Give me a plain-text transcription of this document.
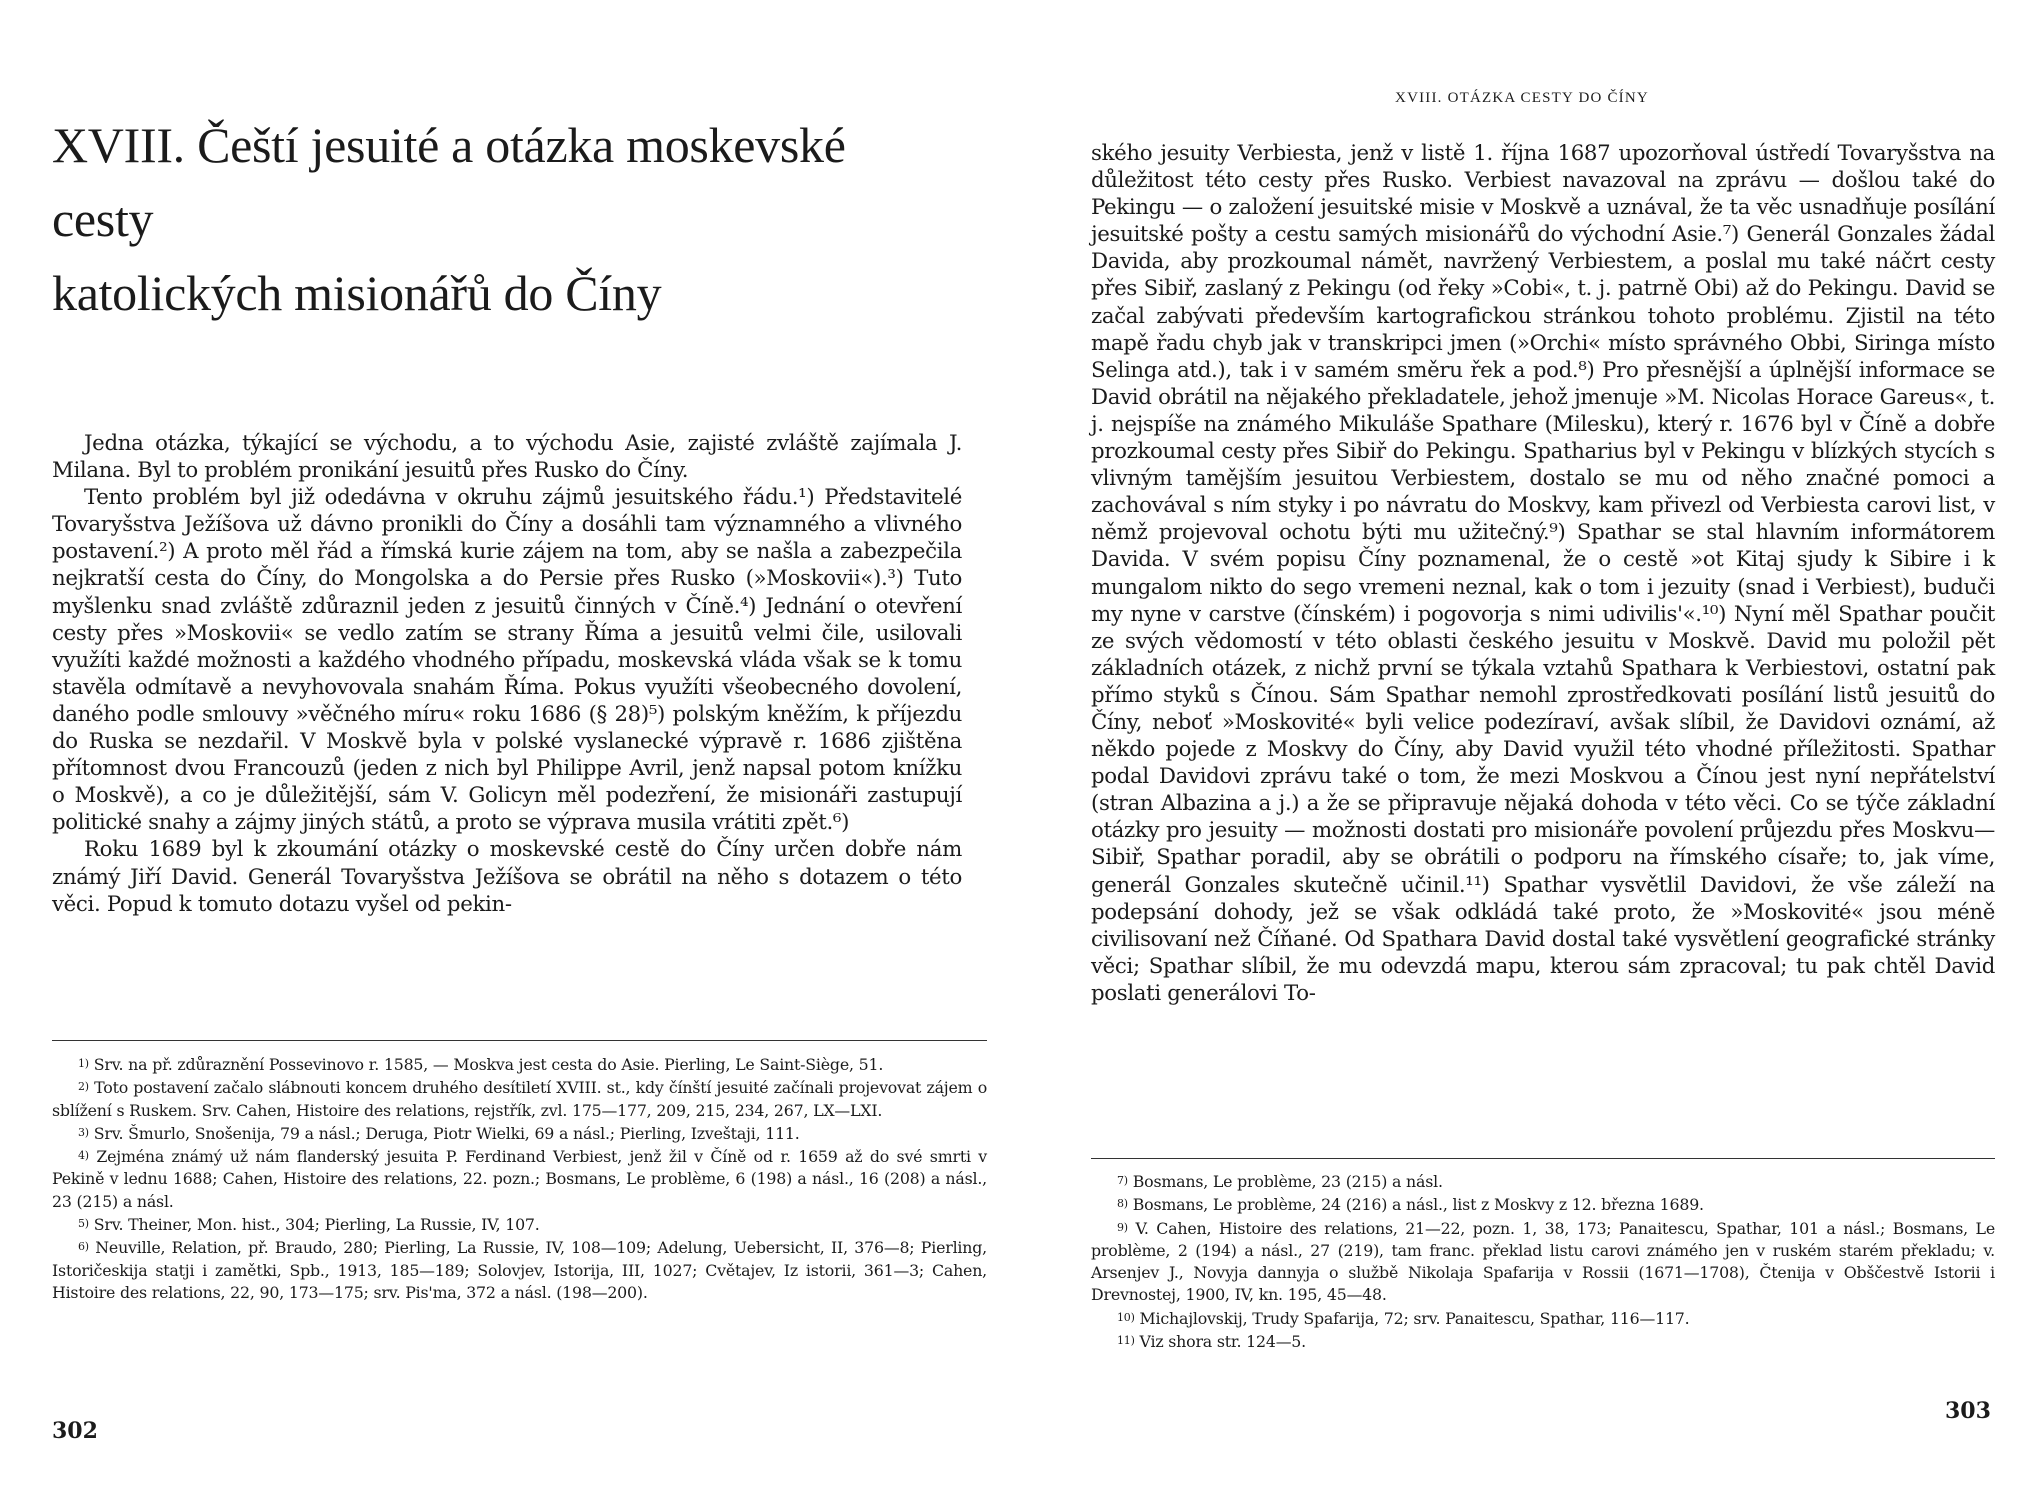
XVIII. Čeští jesuité a otázka moskevské cesty
katolických misionářů do Číny

Jedna otázka, týkající se východu, a to východu Asie, zajisté zvláště zajímala J. Milana. Byl to problém pronikání jesuitů přes Rusko do Číny.

Tento problém byl již odedávna v okruhu zájmů jesuitského řádu.¹) Představitelé Tovaryšstva Ježíšova už dávno pronikli do Číny a dosáhli tam významného a vlivného postavení.²) A proto měl řád a římská kurie zájem na tom, aby se našla a zabezpečila nejkratší cesta do Číny, do Mongolska a do Persie přes Rusko (»Moskovii«).³) Tuto myšlenku snad zvláště zdůraznil jeden z jesuitů činných v Číně.⁴) Jednání o otevření cesty přes »Moskovii« se vedlo zatím se strany Říma a jesuitů velmi čile, usilovali využíti každé možnosti a každého vhodného případu, moskevská vláda však se k tomu stavěla odmítavě a nevyhovovala snahám Říma. Pokus využíti všeobecného dovolení, daného podle smlouvy »věčného míru« roku 1686 (§ 28)⁵) polským kněžím, k příjezdu do Ruska se nezdařil. V Moskvě byla v polské vyslanecké výpravě r. 1686 zjištěna přítomnost dvou Francouzů (jeden z nich byl Philippe Avril, jenž napsal potom knížku o Moskvě), a co je důležitější, sám V. Golicyn měl podezření, že misionáři zastupují politické snahy a zájmy jiných států, a proto se výprava musila vrátiti zpět.⁶)

Roku 1689 byl k zkoumání otázky o moskevské cestě do Číny určen dobře nám známý Jiří David. Generál Tovaryšstva Ježíšova se obrátil na něho s dotazem o této věci. Popud k tomuto dotazu vyšel od pekin-

1) Srv. na př. zdůraznění Possevinovo r. 1585, — Moskva jest cesta do Asie. Pierling, Le Saint-Siège, 51.

2) Toto postavení začalo slábnouti koncem druhého desítiletí XVIII. st., kdy čínští jesuité začínali projevovat zájem o sblížení s Ruskem. Srv. Cahen, Histoire des relations, rejstřík, zvl. 175—177, 209, 215, 234, 267, LX—LXI.

3) Srv. Šmurlo, Snošenija, 79 a násl.; Deruga, Piotr Wielki, 69 a násl.; Pierling, Izveštaji, 111.

4) Zejména známý už nám flanderský jesuita P. Ferdinand Verbiest, jenž žil v Číně od r. 1659 až do své smrti v Pekině v lednu 1688; Cahen, Histoire des relations, 22. pozn.; Bosmans, Le problème, 6 (198) a násl., 16 (208) a násl., 23 (215) a násl.

5) Srv. Theiner, Mon. hist., 304; Pierling, La Russie, IV, 107.

6) Neuville, Relation, př. Braudo, 280; Pierling, La Russie, IV, 108—109; Adelung, Uebersicht, II, 376—8; Pierling, Istoričeskija statji i zamětki, Spb., 1913, 185—189; Solovjev, Istorija, III, 1027; Cvětajev, Iz istorii, 361—3; Cahen, Histoire des relations, 22, 90, 173—175; srv. Pis'ma, 372 a násl. (198—200).

302
XVIII. OTÁZKA CESTY DO ČÍNY

ského jesuity Verbiesta, jenž v listě 1. října 1687 upozorňoval ústředí Tovaryšstva na důležitost této cesty přes Rusko. Verbiest navazoval na zprávu — došlou také do Pekingu — o založení jesuitské misie v Moskvě a uznával, že ta věc usnadňuje posílání jesuitské pošty a cestu samých misionářů do východní Asie.⁷) Generál Gonzales žádal Davida, aby prozkoumal námět, navržený Verbiestem, a poslal mu také náčrt cesty přes Sibiř, zaslaný z Pekingu (od řeky »Cobi«, t. j. patrně Obi) až do Pekingu. David se začal zabývati především kartografickou stránkou tohoto problému. Zjistil na této mapě řadu chyb jak v transkripci jmen (»Orchi« místo správného Obbi, Siringa místo Selinga atd.), tak i v samém směru řek a pod.⁸) Pro přesnější a úplnější informace se David obrátil na nějakého překladatele, jehož jmenuje »M. Nicolas Horace Gareus«, t. j. nejspíše na známého Mikuláše Spathare (Milesku), který r. 1676 byl v Číně a dobře prozkoumal cesty přes Sibiř do Pekingu. Spatharius byl v Pekingu v blízkých stycích s vlivným tamějším jesuitou Verbiestem, dostalo se mu od něho značné pomoci a zachovával s ním styky i po návratu do Moskvy, kam přivezl od Verbiesta carovi list, v němž projevoval ochotu býti mu užitečný.⁹) Spathar se stal hlavním informátorem Davida. V svém popisu Číny poznamenal, že o cestě »ot Kitaj sjudy k Sibire i k mungalom nikto do sego vremeni neznal, kak o tom i jezuity (snad i Verbiest), buduči my nyne v carstve (čínském) i pogovorja s nimi udivilis'«.¹⁰) Nyní měl Spathar poučit ze svých vědomostí v této oblasti českého jesuitu v Moskvě. David mu položil pět základních otázek, z nichž první se týkala vztahů Spathara k Verbiestovi, ostatní pak přímo styků s Čínou. Sám Spathar nemohl zprostředkovati posílání listů jesuitů do Číny, neboť »Moskovité« byli velice podezíraví, avšak slíbil, že Davidovi oznámí, až někdo pojede z Moskvy do Číny, aby David využil této vhodné příležitosti. Spathar podal Davidovi zprávu také o tom, že mezi Moskvou a Čínou jest nyní nepřátelství (stran Albazina a j.) a že se připravuje nějaká dohoda v této věci. Co se týče základní otázky pro jesuity — možnosti dostati pro misionáře povolení průjezdu přes Moskvu—Sibiř, Spathar poradil, aby se obrátili o podporu na římského císaře; to, jak víme, generál Gonzales skutečně učinil.¹¹) Spathar vysvětlil Davidovi, že vše záleží na podepsání dohody, jež se však odkládá také proto, že »Moskovité« jsou méně civilisovaní než Číňané. Od Spathara David dostal také vysvětlení geografické stránky věci; Spathar slíbil, že mu odevzdá mapu, kterou sám zpracoval; tu pak chtěl David poslati generálovi To-

7) Bosmans, Le problème, 23 (215) a násl.

8) Bosmans, Le problème, 24 (216) a násl., list z Moskvy z 12. března 1689.

9) V. Cahen, Histoire des relations, 21—22, pozn. 1, 38, 173; Panaitescu, Spathar, 101 a násl.; Bosmans, Le problème, 2 (194) a násl., 27 (219), tam franc. překlad listu carovi známého jen v ruském starém překladu; v. Arsenjev J., Novyja dannyja o službě Nikolaja Spafarija v Rossii (1671—1708), Čtenija v Obščestvě Istorii i Drevnostej, 1900, IV, kn. 195, 45—48.

10) Michajlovskij, Trudy Spafarija, 72; srv. Panaitescu, Spathar, 116—117.

11) Viz shora str. 124—5.

303
